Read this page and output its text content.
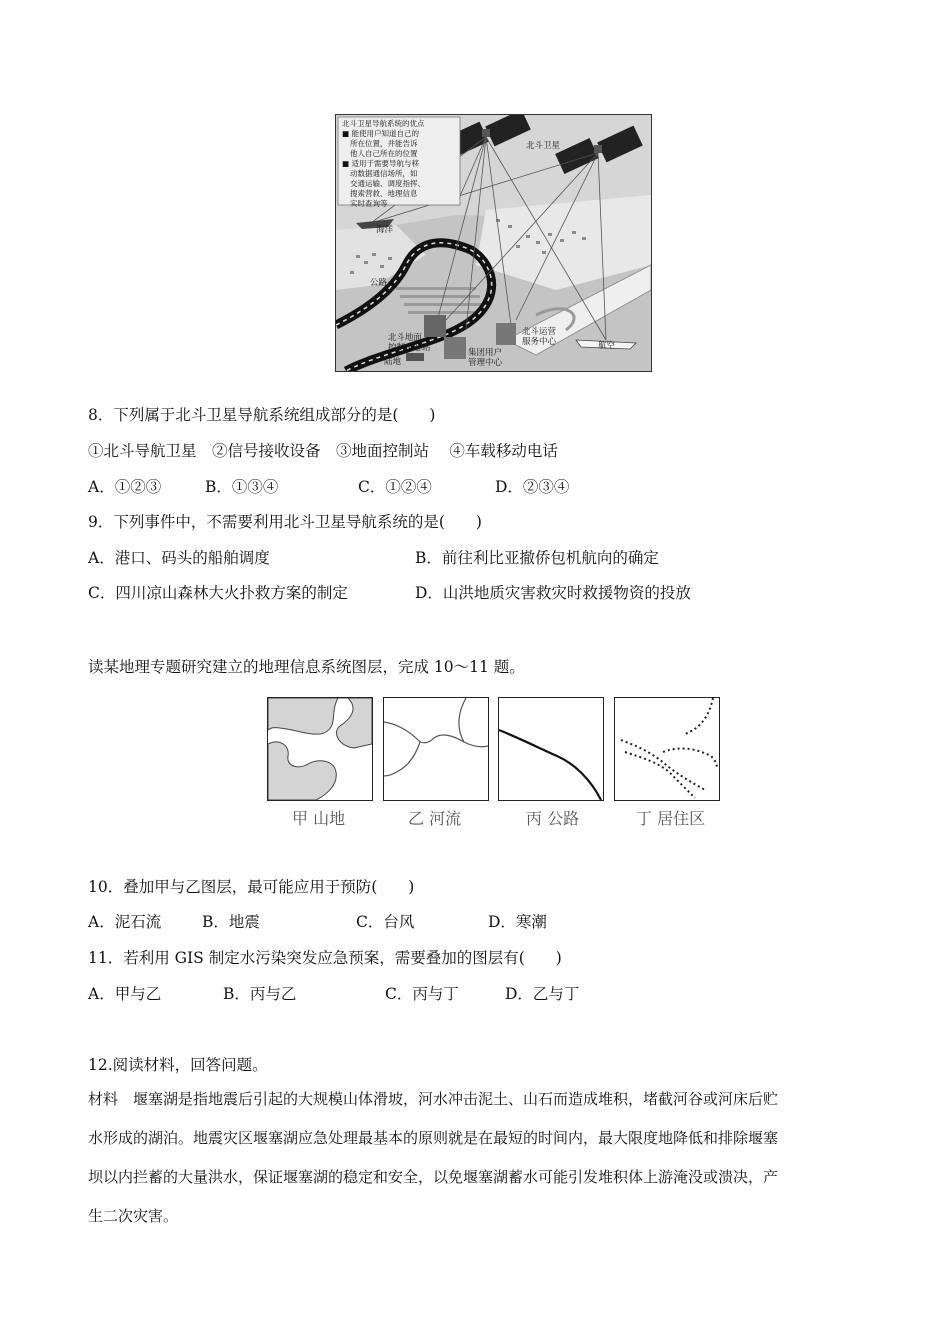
北斗卫星导航系统的优点
■ 能使用户知道自己的
所在位置，并能告诉
他人自己所在的位置
■ 适用于需要导航与移
动数据通信场所，如
交通运输、调度指挥、
搜索营救、地理信息
实时查询等
北斗卫星
海洋
公路
北斗地面
控制中心站	集团用户
管理中心
北斗运营
服务中心	航空
陆地
8．下列属于北斗卫星导航系统组成部分的是(　　)
①北斗导航卫星　②信号接收设备　③地面控制站　 ④车载移动电话
A．①②③	B．①③④	C．①②④	D．②③④
9．下列事件中，不需要利用北斗卫星导航系统的是(　　)
A．港口、码头的船舶调度	B．前往利比亚撤侨包机航向的确定
C．四川凉山森林大火扑救方案的制定	D．山洪地质灾害救灾时救援物资的投放
读某地理专题研究建立的地理信息系统图层，完成 10～11 题。
甲 山地	乙 河流	丙 公路	丁 居住区
10．叠加甲与乙图层，最可能应用于预防(　　)
A．泥石流	B．地震	C．台风	D．寒潮
11．若利用 GIS 制定水污染突发应急预案，需要叠加的图层有(　　)
A．甲与乙	B．丙与乙	C．丙与丁	D．乙与丁
12.阅读材料，回答问题。
材料　堰塞湖是指地震后引起的大规模山体滑坡，河水冲击泥土、山石而造成堆积，堵截河谷或河床后贮
水形成的湖泊。地震灾区堰塞湖应急处理最基本的原则就是在最短的时间内，最大限度地降低和排除堰塞
坝以内拦蓄的大量洪水，保证堰塞湖的稳定和安全，以免堰塞湖蓄水可能引发堆积体上游淹没或溃决，产
生二次灾害。
